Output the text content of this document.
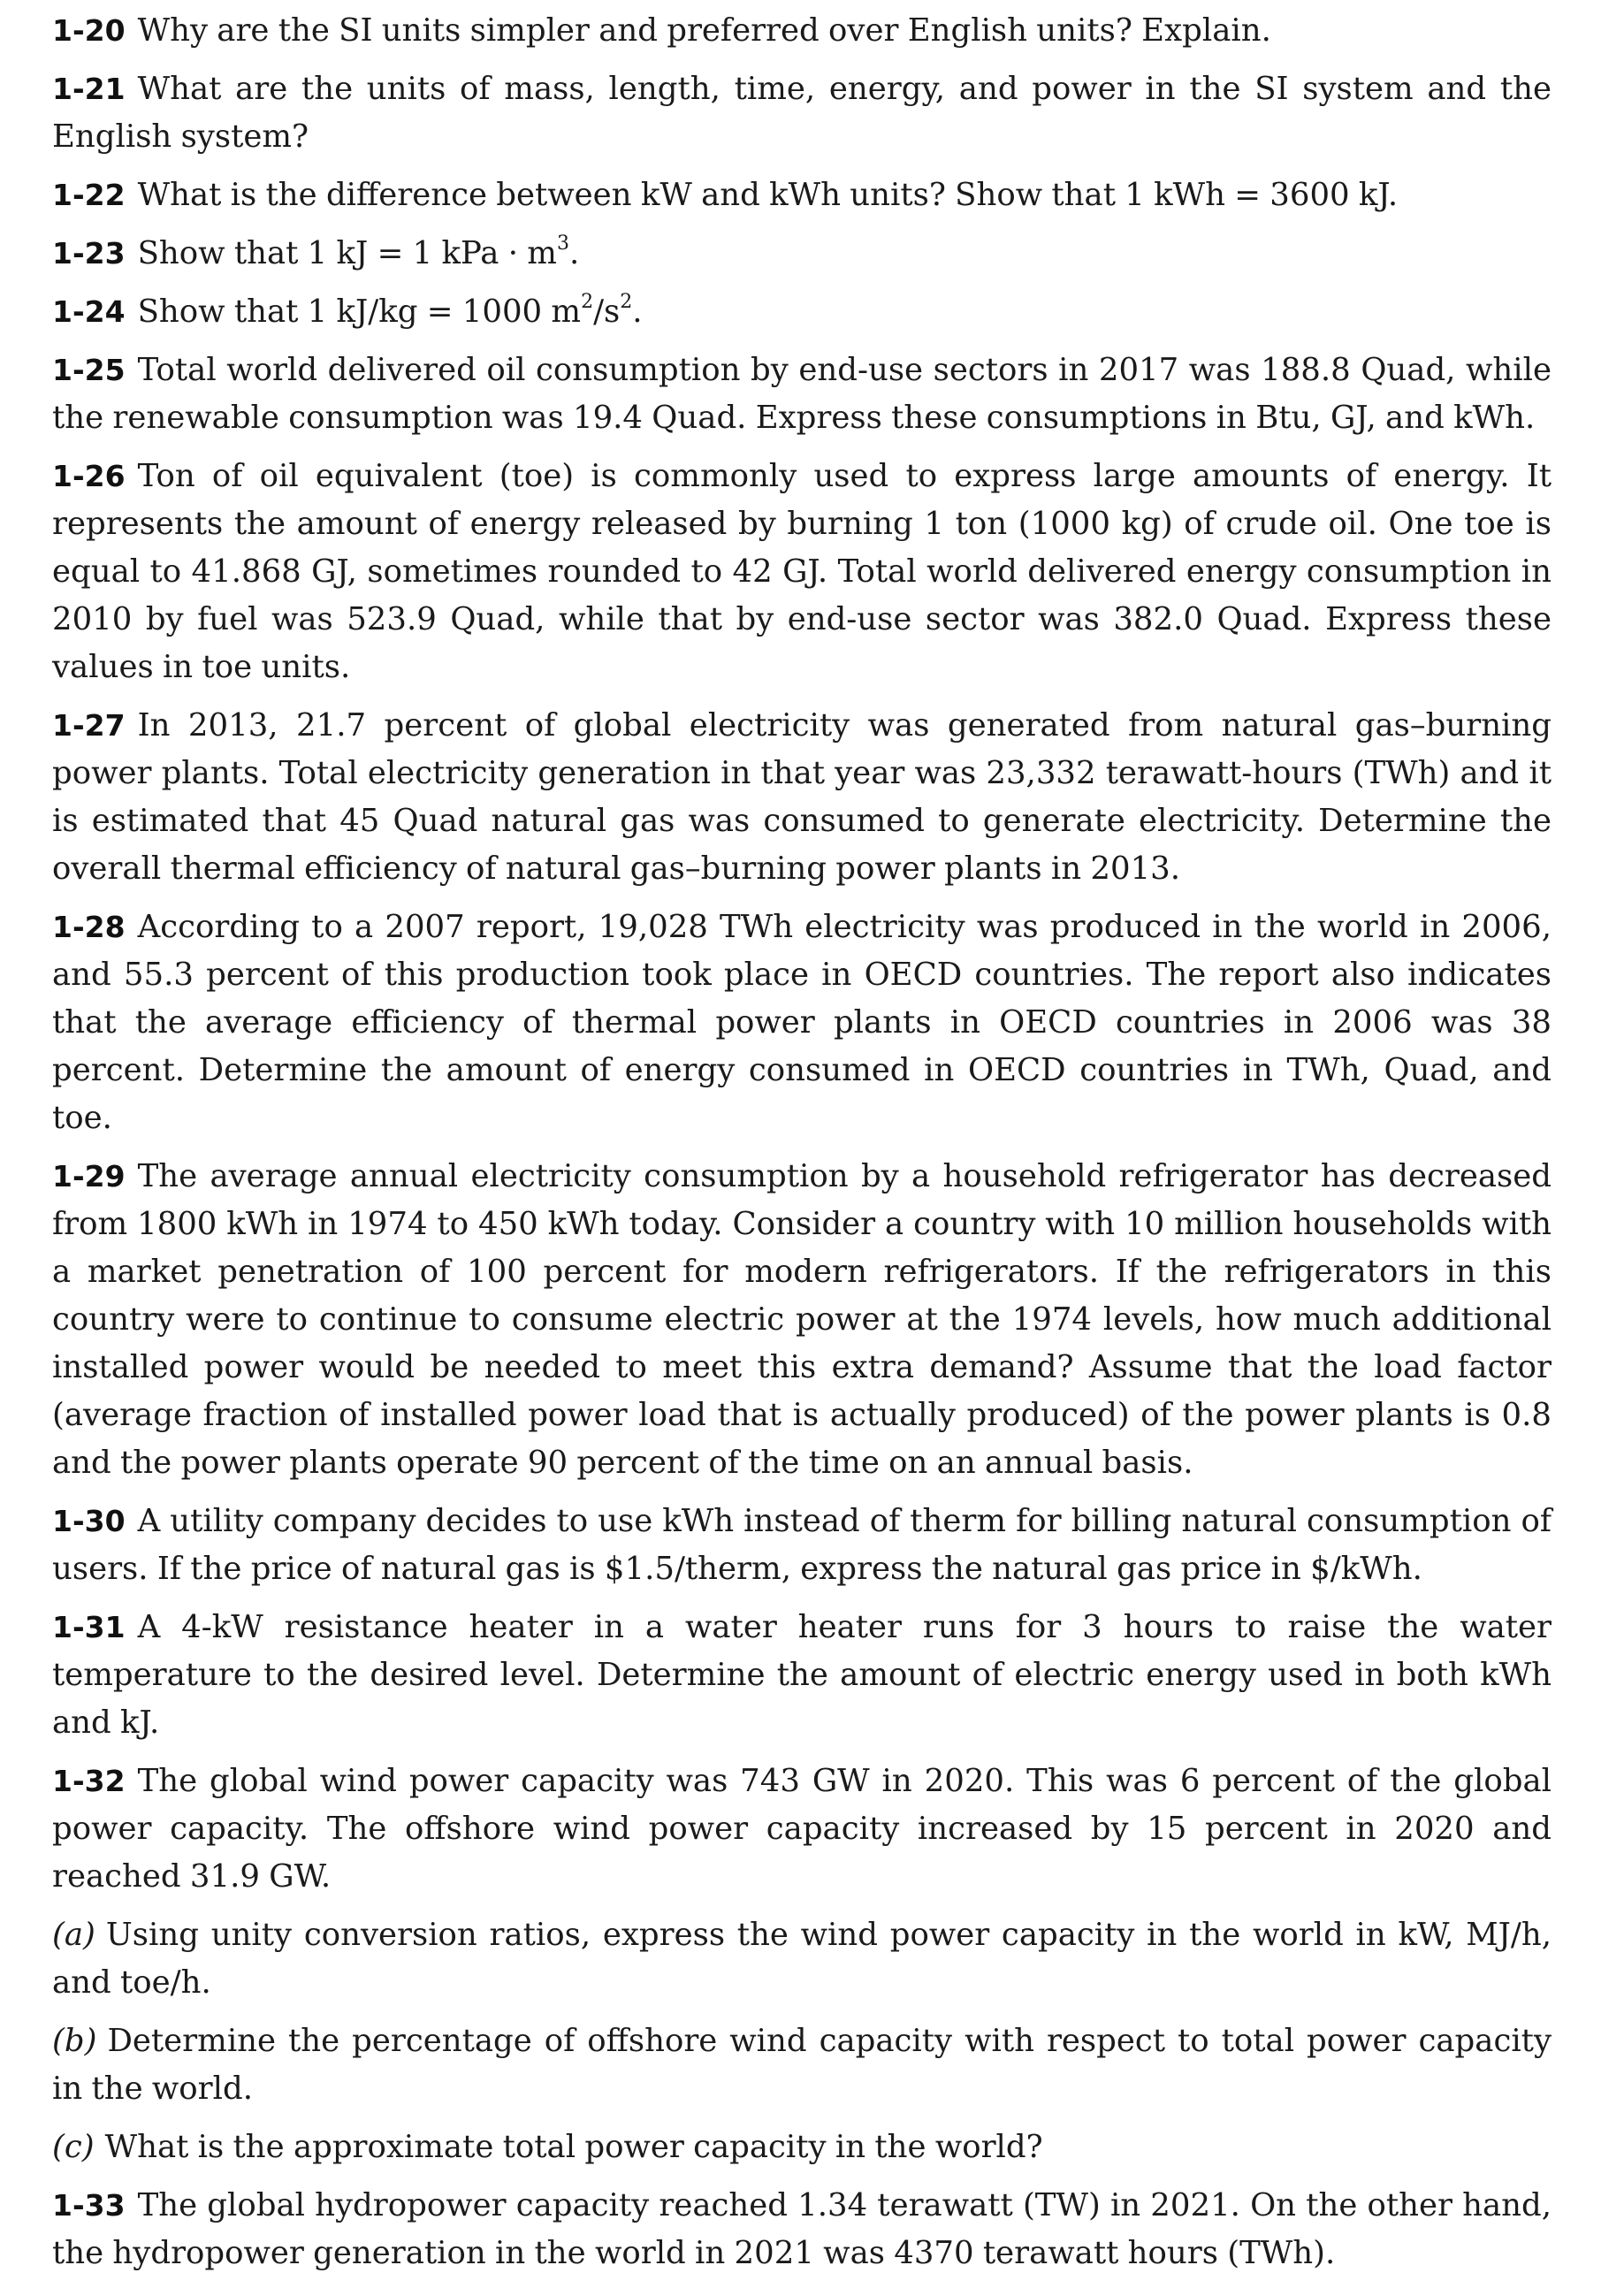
1-20 Why are the SI units simpler and preferred over English units? Explain.

1-21 What are the units of mass, length, time, energy, and power in the SI system and the English system?

1-22 What is the difference between kW and kWh units? Show that 1 kWh = 3600 kJ.

1-23 Show that 1 kJ = 1 kPa · $m^3$.

1-24 Show that 1 kJ/kg = 1000 $m^2/s^2$.

1-25 Total world delivered oil consumption by end-use sectors in 2017 was 188.8 Quad, while the renewable consumption was 19.4 Quad. Express these consumptions in Btu, GJ, and kWh.

1-26 Ton of oil equivalent (toe) is commonly used to express large amounts of energy. It represents the amount of energy released by burning 1 ton (1000 kg) of crude oil. One toe is equal to 41.868 GJ, sometimes rounded to 42 GJ. Total world delivered energy consumption in 2010 by fuel was 523.9 Quad, while that by end-use sector was 382.0 Quad. Express these values in toe units.

1-27 In 2013, 21.7 percent of global electricity was generated from natural gas–burning power plants. Total electricity generation in that year was 23,332 terawatt-hours (TWh) and it is estimated that 45 Quad natural gas was consumed to generate electricity. Determine the overall thermal efficiency of natural gas–burning power plants in 2013.

1-28 According to a 2007 report, 19,028 TWh electricity was produced in the world in 2006, and 55.3 percent of this production took place in OECD countries. The report also indicates that the average efficiency of thermal power plants in OECD countries in 2006 was 38 percent. Determine the amount of energy consumed in OECD countries in TWh, Quad, and toe.

1-29 The average annual electricity consumption by a household refrigerator has decreased from 1800 kWh in 1974 to 450 kWh today. Consider a country with 10 million households with a market penetration of 100 percent for modern refrigerators. If the refrigerators in this country were to continue to consume electric power at the 1974 levels, how much additional installed power would be needed to meet this extra demand? Assume that the load factor (average fraction of installed power load that is actually produced) of the power plants is 0.8 and the power plants operate 90 percent of the time on an annual basis.

1-30 A utility company decides to use kWh instead of therm for billing natural consumption of users. If the price of natural gas is $1.5/therm, express the natural gas price in $/kWh.

1-31 A 4-kW resistance heater in a water heater runs for 3 hours to raise the water temperature to the desired level. Determine the amount of electric energy used in both kWh and kJ.

1-32 The global wind power capacity was 743 GW in 2020. This was 6 percent of the global power capacity. The offshore wind power capacity increased by 15 percent in 2020 and reached 31.9 GW.

(a) Using unity conversion ratios, express the wind power capacity in the world in kW, MJ/h, and toe/h.

(b) Determine the percentage of offshore wind capacity with respect to total power capacity in the world.

(c) What is the approximate total power capacity in the world?

1-33 The global hydropower capacity reached 1.34 terawatt (TW) in 2021. On the other hand, the hydropower generation in the world in 2021 was 4370 terawatt hours (TWh).
